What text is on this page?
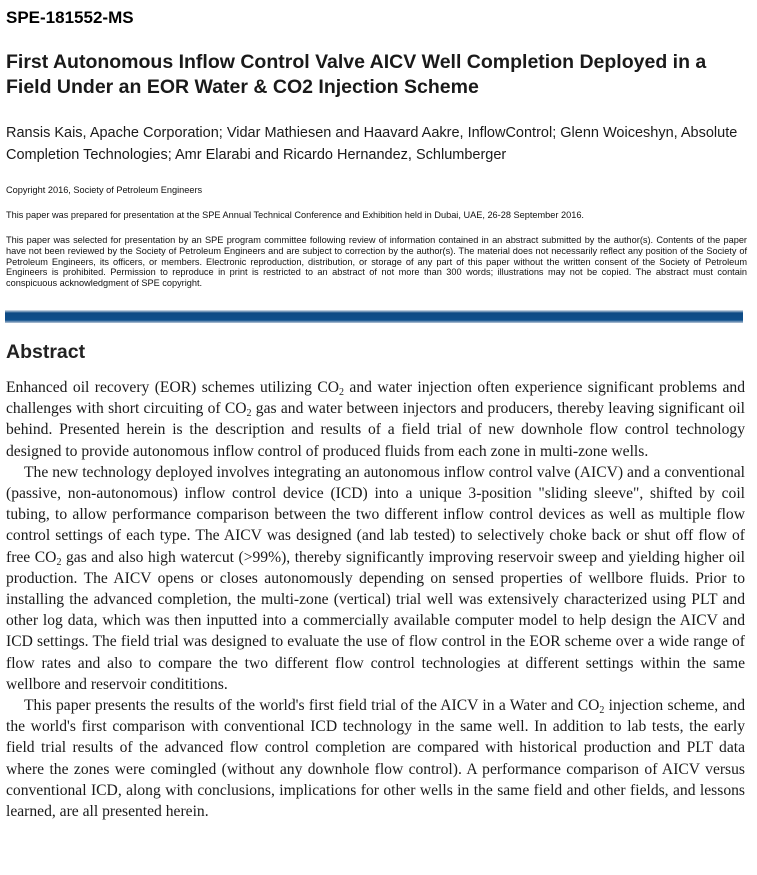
SPE-181552-MS
First Autonomous Inflow Control Valve AICV Well Completion Deployed in a Field Under an EOR Water & CO2 Injection Scheme
Ransis Kais, Apache Corporation; Vidar Mathiesen and Haavard Aakre, InflowControl; Glenn Woiceshyn, Absolute Completion Technologies; Amr Elarabi and Ricardo Hernandez, Schlumberger
Copyright 2016, Society of Petroleum Engineers
This paper was prepared for presentation at the SPE Annual Technical Conference and Exhibition held in Dubai, UAE, 26-28 September 2016.
This paper was selected for presentation by an SPE program committee following review of information contained in an abstract submitted by the author(s). Contents of the paper have not been reviewed by the Society of Petroleum Engineers and are subject to correction by the author(s). The material does not necessarily reflect any position of the Society of Petroleum Engineers, its officers, or members. Electronic reproduction, distribution, or storage of any part of this paper without the written consent of the Society of Petroleum Engineers is prohibited. Permission to reproduce in print is restricted to an abstract of not more than 300 words; illustrations may not be copied. The abstract must contain conspicuous acknowledgment of SPE copyright.
Abstract

Enhanced oil recovery (EOR) schemes utilizing $CO_2$ and water injection often experience significant problems and challenges with short circuiting of $CO_2$ gas and water between injectors and producers, thereby leaving significant oil behind. Presented herein is the description and results of a field trial of new downhole flow control technology designed to provide autonomous inflow control of produced fluids from each zone in multi-zone wells.

The new technology deployed involves integrating an autonomous inflow control valve (AICV) and a conventional (passive, non-autonomous) inflow control device (ICD) into a unique 3-position "sliding sleeve", shifted by coil tubing, to allow performance comparison between the two different inflow control devices as well as multiple flow control settings of each type. The AICV was designed (and lab tested) to selectively choke back or shut off flow of free $CO_2$ gas and also high watercut (>99%), thereby significantly improving reservoir sweep and yielding higher oil production. The AICV opens or closes autonomously depending on sensed properties of wellbore fluids. Prior to installing the advanced completion, the multi-zone (vertical) trial well was extensively characterized using PLT and other log data, which was then inputted into a commercially available computer model to help design the AICV and ICD settings. The field trial was designed to evaluate the use of flow control in the EOR scheme over a wide range of flow rates and also to compare the two different flow control technologies at different settings within the same wellbore and reservoir condititions.

This paper presents the results of the world's first field trial of the AICV in a Water and $CO_2$ injection scheme, and the world's first comparison with conventional ICD technology in the same well. In addition to lab tests, the early field trial results of the advanced flow control completion are compared with historical production and PLT data where the zones were comingled (without any downhole flow control). A performance comparison of AICV versus conventional ICD, along with conclusions, implications for other wells in the same field and other fields, and lessons learned, are all presented herein.
